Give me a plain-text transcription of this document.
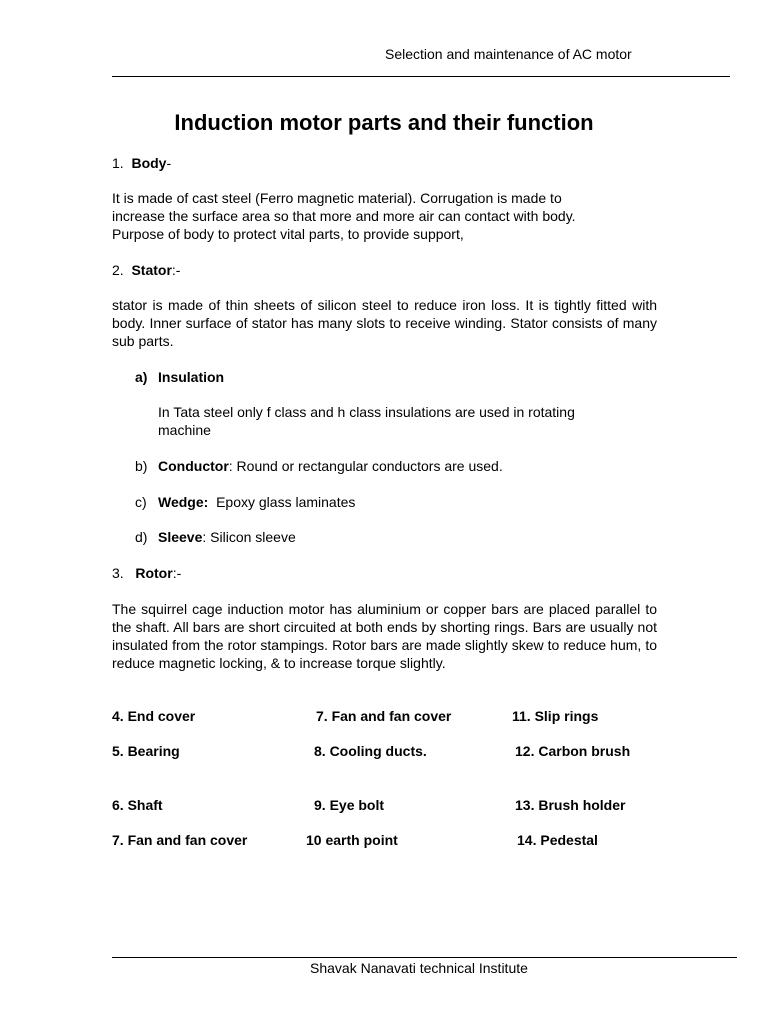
Selection and maintenance of AC motor
Induction motor parts and their function
1. Body-
It is made of cast steel (Ferro magnetic material). Corrugation is made to
increase the surface area so that more and more air can contact with body.
Purpose of body to protect vital parts, to provide support,
2. Stator:-
stator is made of thin sheets of silicon steel to reduce iron loss. It is tightly fitted with body. Inner surface of stator has many slots to receive winding. Stator consists of many sub parts.
a) Insulation
In Tata steel only f class and h class insulations are used in rotating machine
b) Conductor: Round or rectangular conductors are used.
c) Wedge:  Epoxy glass laminates
d) Sleeve: Silicon sleeve
3. Rotor:-
The squirrel cage induction motor has aluminium or copper bars are placed parallel to the shaft. All bars are short circuited at both ends by shorting rings. Bars are usually not insulated from the rotor stampings. Rotor bars are made slightly skew to reduce hum, to reduce magnetic locking, & to increase torque slightly.
4. End cover	7. Fan and fan cover	11. Slip rings
5. Bearing	8. Cooling ducts.	12. Carbon brush
6. Shaft	9. Eye bolt	13. Brush holder
7. Fan and fan cover	10 earth point	14. Pedestal
Shavak Nanavati technical Institute
